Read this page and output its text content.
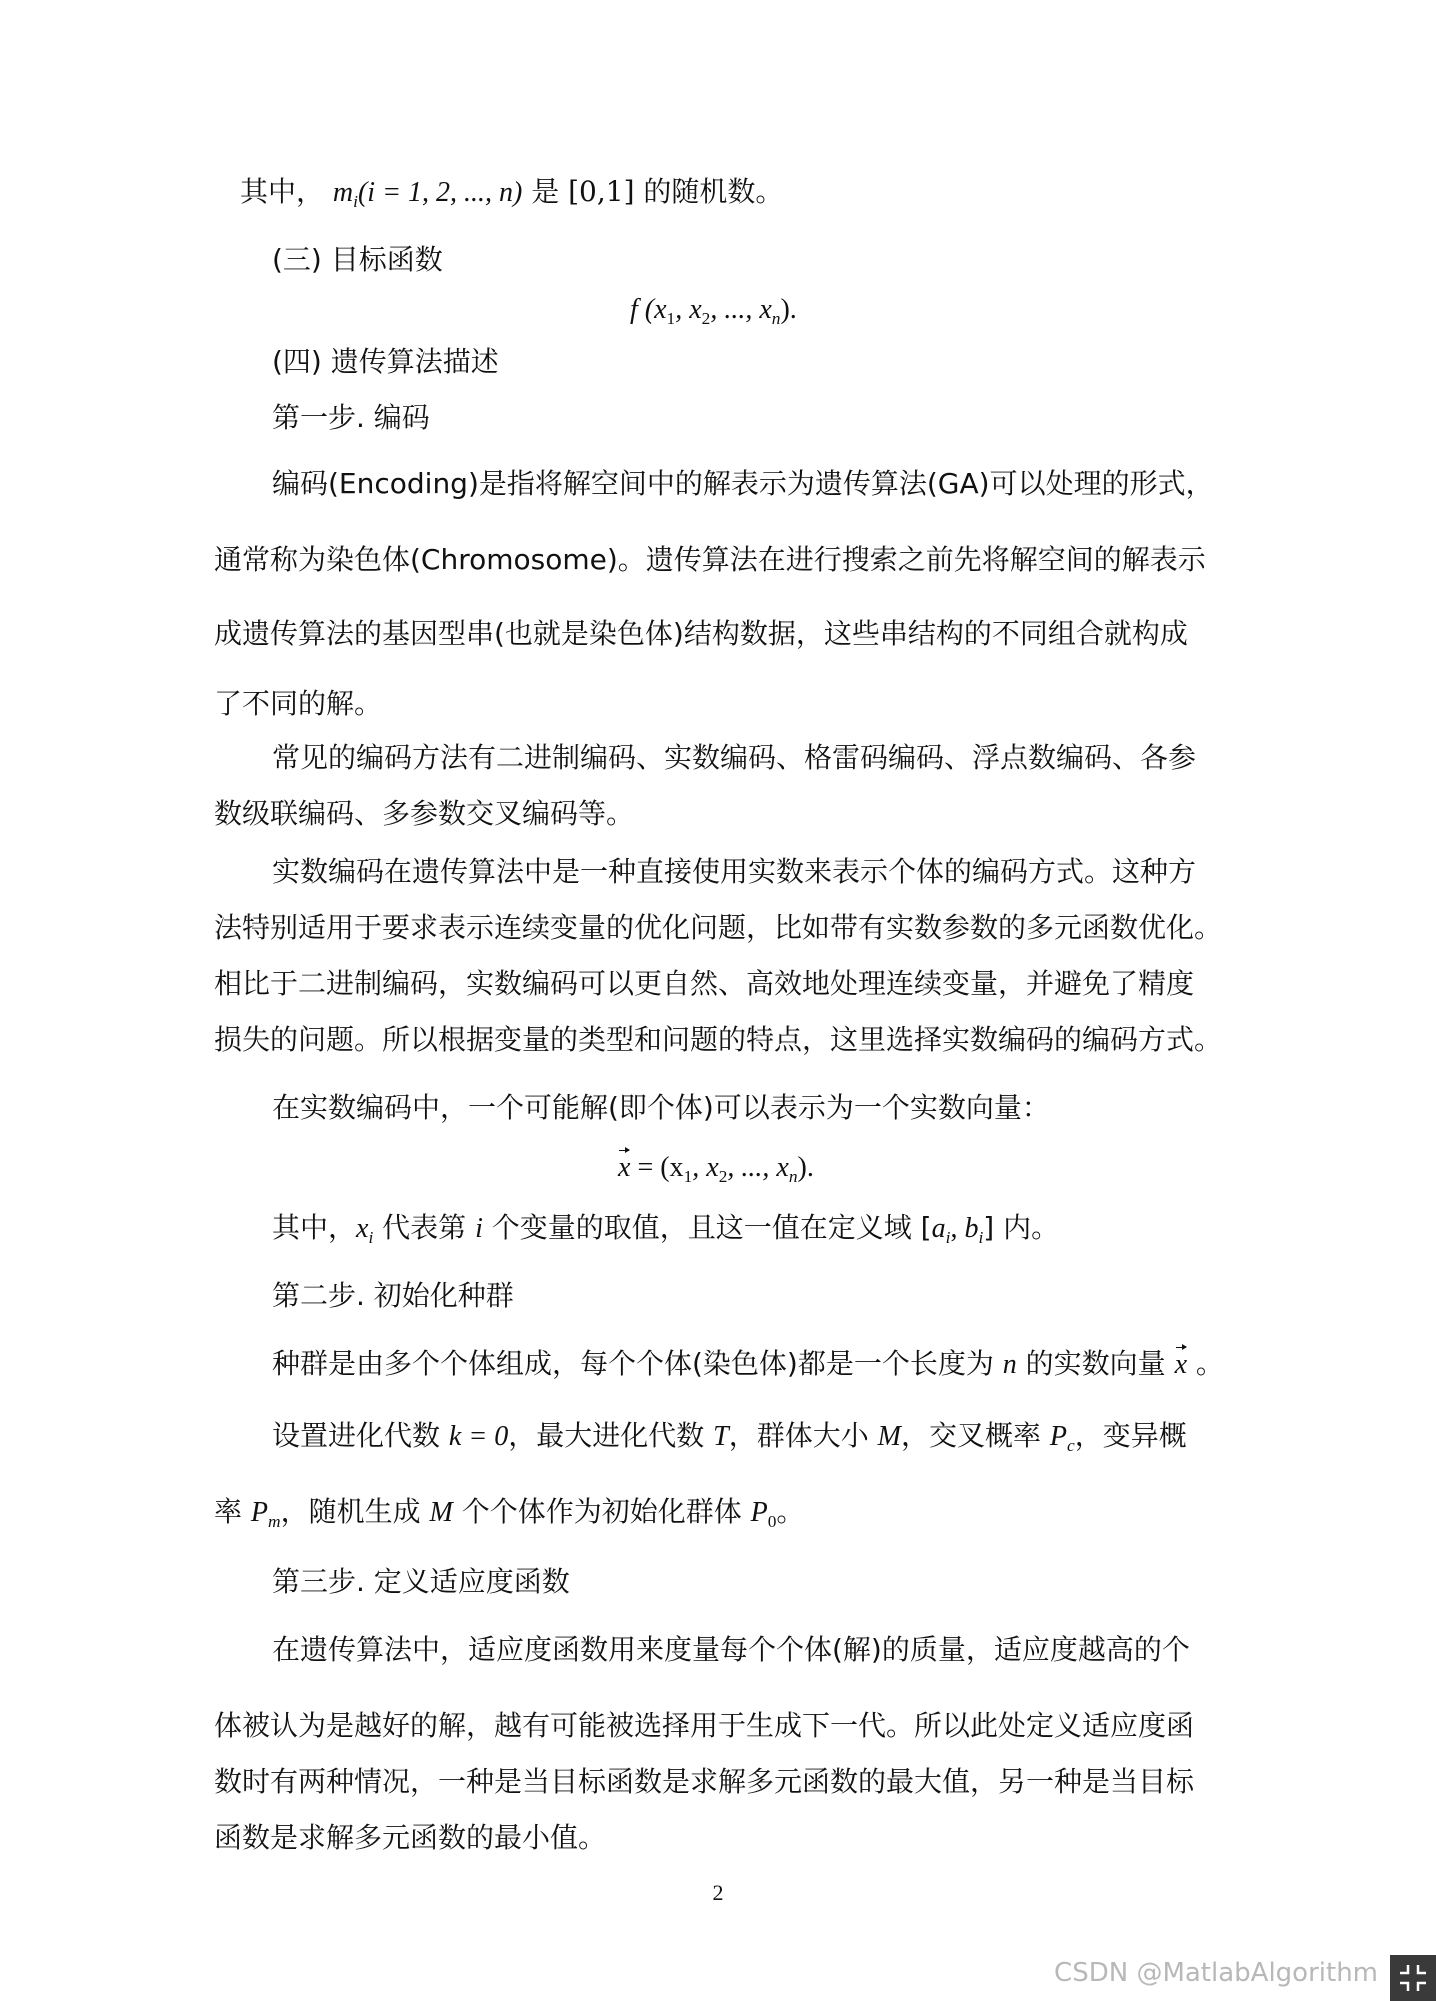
其中， $m_i(i = 1$, 2, ..., n) 是 [0,1] 的随机数。
(三) 目标函数
f ($x_1$, $x_2$, ..., $x_n$).
(四) 遗传算法描述
第一步. 编码
编码(Encoding)是指将解空间中的解表示为遗传算法(GA)可以处理的形式，
通常称为染色体(Chromosome)。遗传算法在进行搜索之前先将解空间的解表示
成遗传算法的基因型串(也就是染色体)结构数据，这些串结构的不同组合就构成
了不同的解。
常见的编码方法有二进制编码、实数编码、格雷码编码、浮点数编码、各参
数级联编码、多参数交叉编码等。
实数编码在遗传算法中是一种直接使用实数来表示个体的编码方式。这种方
法特别适用于要求表示连续变量的优化问题，比如带有实数参数的多元函数优化。
相比于二进制编码，实数编码可以更自然、高效地处理连续变量，并避免了精度
损失的问题。所以根据变量的类型和问题的特点，这里选择实数编码的编码方式。
在实数编码中，一个可能解(即个体)可以表示为一个实数向量：
$x = (x_1$, $x_2$, ..., $x_n$).
其中，$x_i$ 代表第 i 个变量的取值，且这一值在定义域 [$a_i$, $b_i$] 内。
第二步. 初始化种群
种群是由多个个体组成，每个个体(染色体)都是一个长度为 n 的实数向量 x 。
设置进化代数 k = 0，最大进化代数 T，群体大小 M，交叉概率 $P_c$，变异概
率 $P_m$，随机生成 M 个个体作为初始化群体 $P_0$。
第三步. 定义适应度函数
在遗传算法中，适应度函数用来度量每个个体(解)的质量，适应度越高的个
体被认为是越好的解，越有可能被选择用于生成下一代。所以此处定义适应度函
数时有两种情况，一种是当目标函数是求解多元函数的最大值，另一种是当目标
函数是求解多元函数的最小值。
2
CSDN @MatlabAlgorithm
